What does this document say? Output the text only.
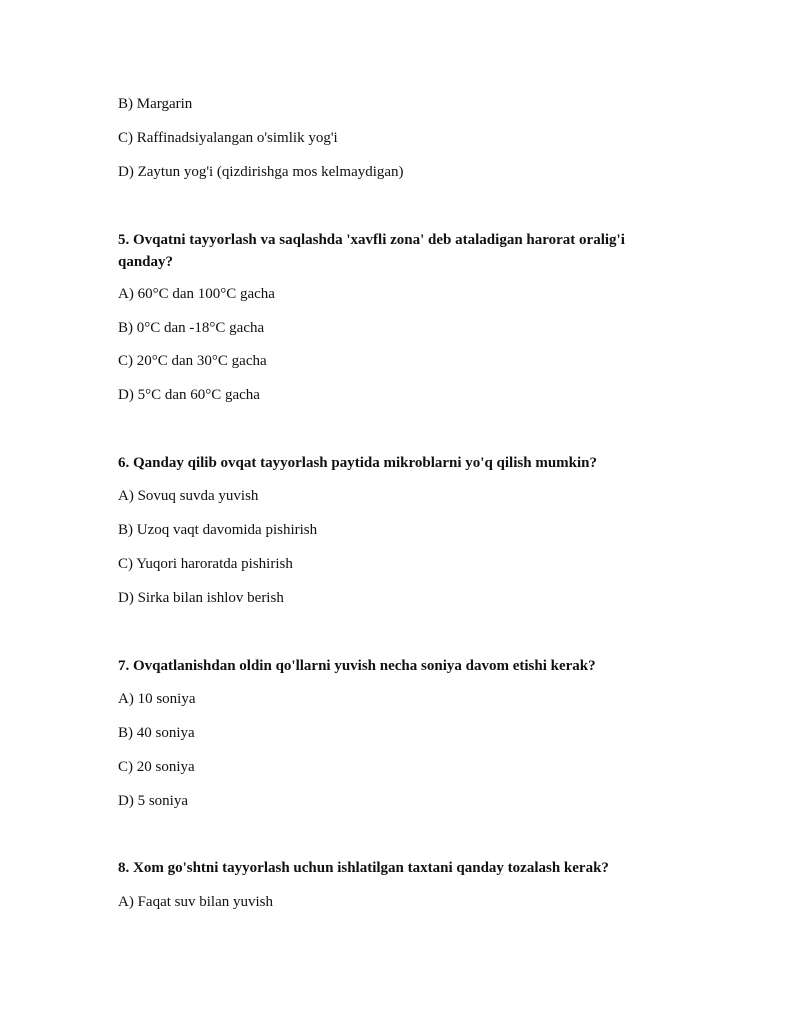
B) Margarin
C) Raffinadsiyalangan o'simlik yog'i
D) Zaytun yog'i (qizdirishga mos kelmaydigan)
5. Ovqatni tayyorlash va saqlashda 'xavfli zona' deb ataladigan harorat oralig'i qanday?
A) 60°C dan 100°C gacha
B) 0°C dan -18°C gacha
C) 20°C dan 30°C gacha
D) 5°C dan 60°C gacha
6. Qanday qilib ovqat tayyorlash paytida mikroblarni yo'q qilish mumkin?
A) Sovuq suvda yuvish
B) Uzoq vaqt davomida pishirish
C) Yuqori haroratda pishirish
D) Sirka bilan ishlov berish
7. Ovqatlanishdan oldin qo'llarni yuvish necha soniya davom etishi kerak?
A) 10 soniya
B) 40 soniya
C) 20 soniya
D) 5 soniya
8. Xom go'shtni tayyorlash uchun ishlatilgan taxtani qanday tozalash kerak?
A) Faqat suv bilan yuvish
